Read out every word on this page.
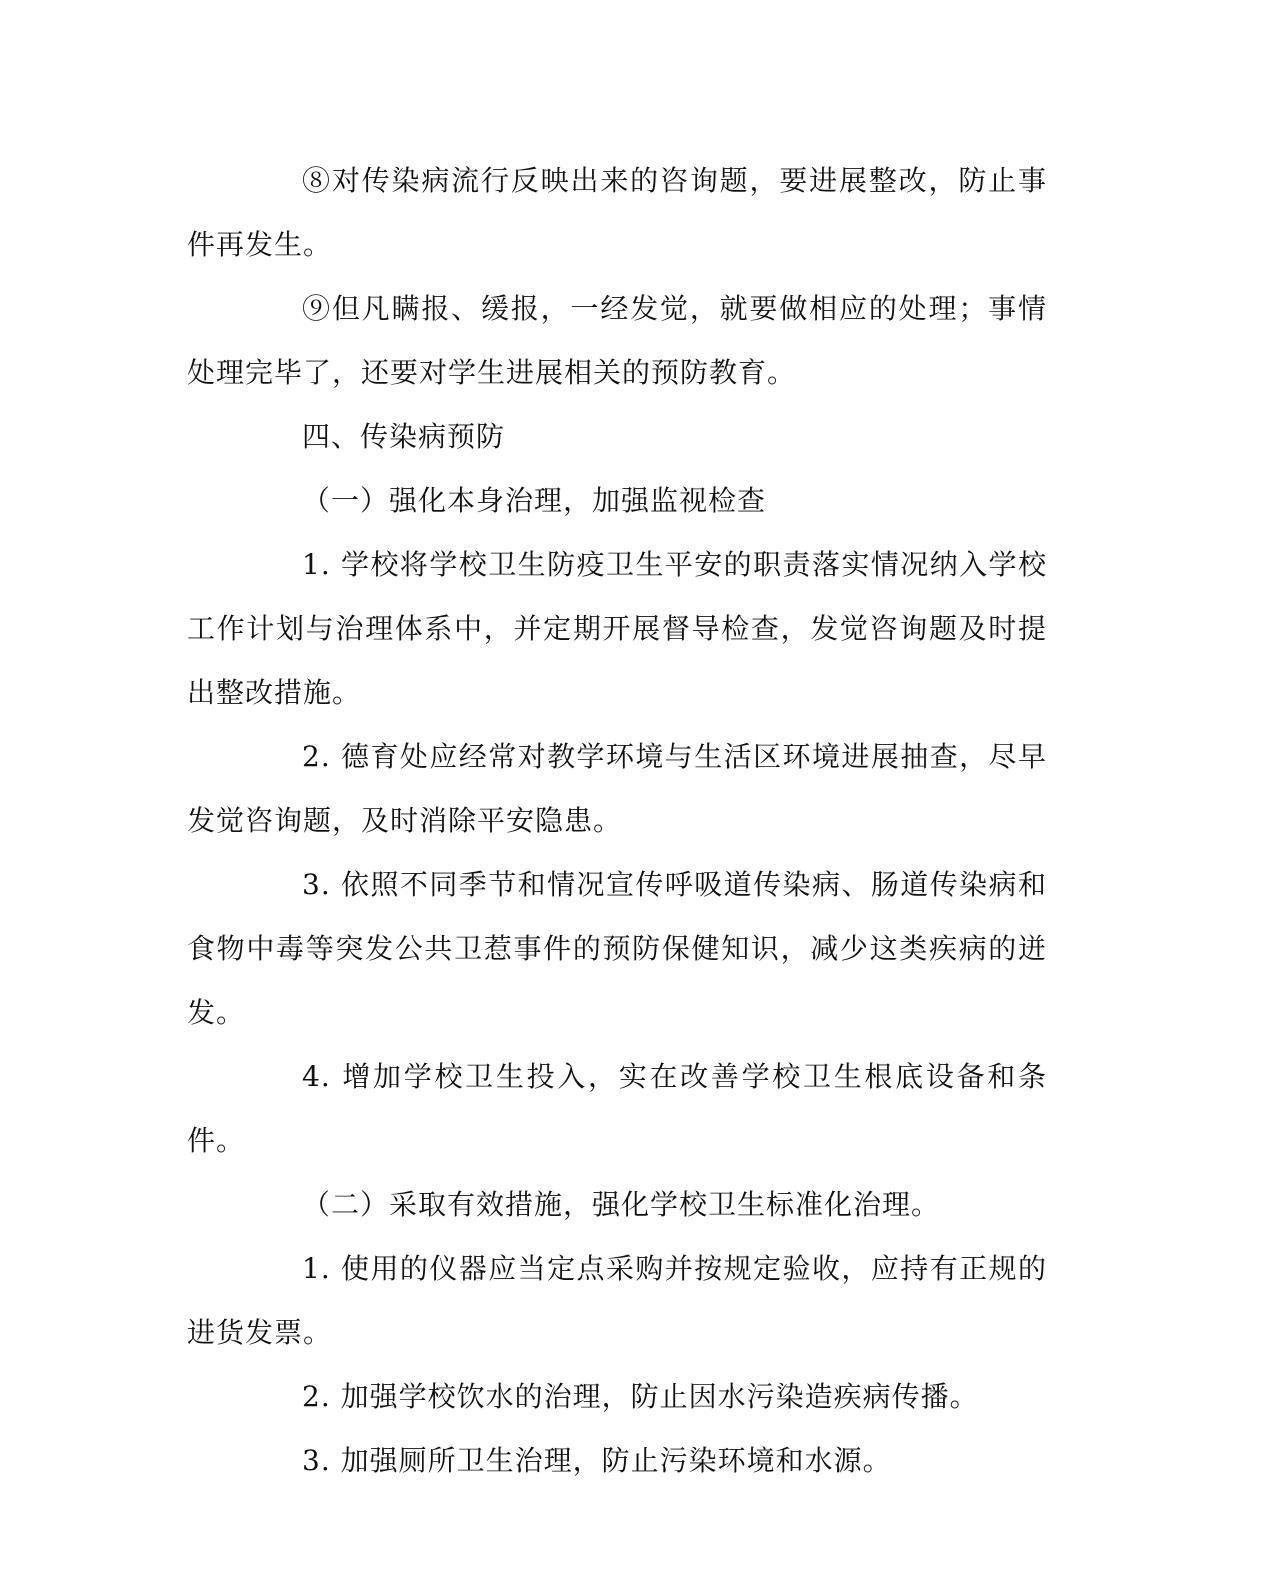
⑧对传染病流行反映出来的咨询题，要进展整改，防止事件再发生。

⑨但凡瞒报、缓报，一经发觉，就要做相应的处理；事情处理完毕了，还要对学生进展相关的预防教育。

四、传染病预防

（一）强化本身治理，加强监视检查

1. 学校将学校卫生防疫卫生平安的职责落实情况纳入学校工作计划与治理体系中，并定期开展督导检查，发觉咨询题及时提出整改措施。

2. 德育处应经常对教学环境与生活区环境进展抽查，尽早发觉咨询题，及时消除平安隐患。

3. 依照不同季节和情况宣传呼吸道传染病、肠道传染病和食物中毒等突发公共卫惹事件的预防保健知识，减少这类疾病的迸发。

4. 增加学校卫生投入，实在改善学校卫生根底设备和条件。

（二）采取有效措施，强化学校卫生标准化治理。

1. 使用的仪器应当定点采购并按规定验收，应持有正规的进货发票。

2. 加强学校饮水的治理，防止因水污染造疾病传播。

3. 加强厕所卫生治理，防止污染环境和水源。
